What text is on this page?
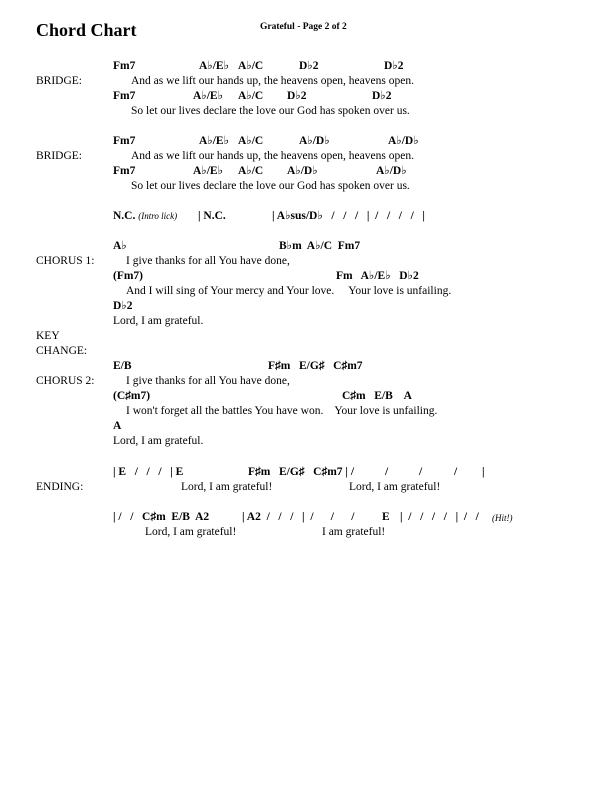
Chord Chart	Grateful - Page 2 of 2
Fm7	A♭/E♭ A♭/C	D♭2	D♭2
BRIDGE:	And as we lift our hands up, the heavens open, heavens open.
Fm7	A♭/E♭ A♭/C D♭2	D♭2
So let our lives declare the love our God has spoken over us.
Fm7	A♭/E♭ A♭/C	A♭/D♭	A♭/D♭
BRIDGE:	And as we lift our hands up, the heavens open, heavens open.
Fm7	A♭/E♭ A♭/C A♭/D♭	A♭/D♭
So let our lives declare the love our God has spoken over us.
N.C. (Intro lick) | N.C.	| A♭sus/D♭   /   /   /   |  /   /   /   /   |
A♭	B♭m  A♭/C  Fm7
CHORUS 1:	I give thanks for all You have done,
(Fm7)	Fm   A♭/E♭   D♭2
And I will sing of Your mercy and Your love.     Your love is unfailing.
D♭2
Lord, I am grateful.
KEY
CHANGE:
E/B	F♯m   E/G♯   C♯m7
CHORUS 2:	I give thanks for all You have done,
(C♯m7)	C♯m   E/B    A
I won't forget all the battles You have won.    Your love is unfailing.
A
Lord, I am grateful.
| E   /   /   /   | E	F♯m   E/G♯   C♯m7 | /	/	/	/ |
ENDING:	Lord, I am grateful!	Lord, I am grateful!
| /   /   C♯m  E/B  A2	| A2  /   /   /   |  /      /      / E |  /   /   /   /   |  /   / (Hit!)
Lord, I am grateful!	I am grateful!
